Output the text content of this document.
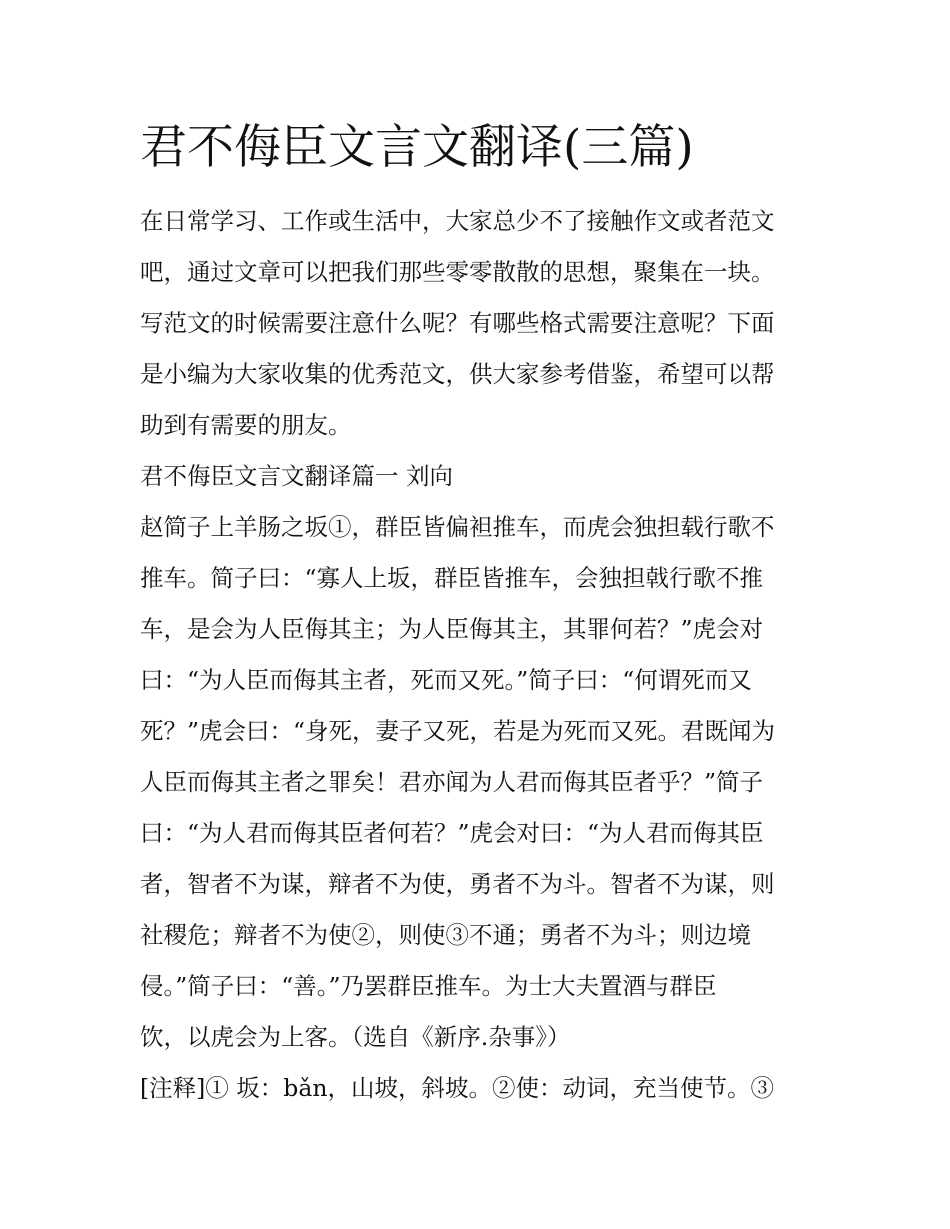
君不侮臣文言文翻译(三篇)

在日常学习、工作或生活中，大家总少不了接触作文或者范文

吧，通过文章可以把我们那些零零散散的思想，聚集在一块。

写范文的时候需要注意什么呢？有哪些格式需要注意呢？下面

是小编为大家收集的优秀范文，供大家参考借鉴，希望可以帮

助到有需要的朋友。

君不侮臣文言文翻译篇一 刘向

赵简子上羊肠之坂①，群臣皆偏袒推车，而虎会独担载行歌不

推车。简子曰：“寡人上坂，群臣皆推车，会独担戟行歌不推

车，是会为人臣侮其主；为人臣侮其主，其罪何若？”虎会对

曰：“为人臣而侮其主者，死而又死。”简子曰：“何谓死而又

死？”虎会曰：“身死，妻子又死，若是为死而又死。君既闻为

人臣而侮其主者之罪矣！君亦闻为人君而侮其臣者乎？”简子

曰：“为人君而侮其臣者何若？”虎会对曰：“为人君而侮其臣

者，智者不为谋，辩者不为使，勇者不为斗。智者不为谋，则

社稷危；辩者不为使②，则使③不通；勇者不为斗；则边境

侵。”简子曰：“善。”乃罢群臣推车。为士大夫置酒与群臣

饮，以虎会为上客。（选自《新序.杂事》）

[注释]① 坂：bǎn，山坡，斜坡。②使：动词，充当使节。③
